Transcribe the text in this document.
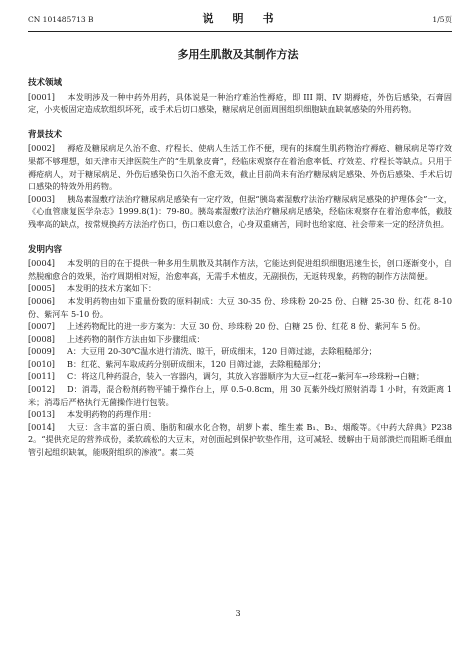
CN 101485713 B	说　明　书	1/5页
多用生肌散及其制作方法
技术领域

[0001]　 本发明涉及一种中药外用药，具体说是一种治疗难治性褥疮，即 III 期、IV 期褥疮，外伤后感染，石膏固定，小夹板固定造成软组织坏死，或手术后切口感染，糖尿病足创面周围组织细胞缺血缺氧感染的外用药物。

背景技术

[0002]　 褥疮及糖尿病足久治不愈、疗程长、使病人生活工作不便，现有的抹腐生肌药物治疗褥疮、糖尿病足等疗效果都不够理想，如天津市天津医院生产的“生肌象皮膏”，经临床观察存在着治愈率低、疗效差、疗程长等缺点。只用于褥疮病人，对于糖尿病足、外伤后感染伤口久治不愈无效，截止目前尚未有治疗糖尿病足感染、外伤后感染、手术后切口感染的特效外用药物。

[0003]　 胰岛素湿敷疗法治疗糖尿病足感染有一定疗效，但据“胰岛素湿敷疗法治疗糖尿病足感染的护理体会”一文，《心血管康复医学杂志》1999.8(1)：79-80。胰岛素湿敷疗法治疗糖尿病足感染，经临床观察存在着治愈率低，截肢残率高的缺点，按常规换药方法治疗伤口，伤口难以愈合，心身双重痛苦，同时也给家庭、社会带来一定的经济负担。

发明内容

[0004]　 本发明的目的在于提供一种多用生肌散及其制作方法，它能达到促进组织细胞迅速生长，创口逐渐变小，自然脱痂愈合的效果，治疗周期相对短，治愈率高，无需手术植皮，无副损伤，无返转现象，药物的制作方法简便。

[0005]　 本发明的技术方案如下：

[0006]　 本发明药物由如下重量份数的原料制成：大豆 30-35 份、珍珠粉 20-25 份、白糖 25-30 份、红花 8-10 份、紫河车 5-10 份。

[0007]　 上述药物配比的进一步方案为：大豆 30 份、珍珠粉 20 份、白糖 25 份、红花 8 份、紫河车 5 份。

[0008]　 上述药物的制作方法由如下步骤组成：

[0009]　 A：大豆用 20-30℃温水进行清洗、晾干，研成细末，120 目筛过滤，去除粗糙部分；

[0010]　 B：红花、紫河车取成药分别研成细末，120 目筛过滤，去除粗糙部分；

[0011]　 C：将这几种药混合，装入一容器内，调匀，其放入容器顺序为大豆→红花→紫河车→珍珠粉→白糖；

[0012]　 D：消毒，混合粉剂药物平铺于操作台上，厚 0.5-0.8cm，用 30 瓦紫外线灯照射消毒 1 小时，有效距离 1 米；消毒后严格执行无菌操作进行包装。

[0013]　 本发明药物的药理作用：

[0014]　 大豆：含丰富的蛋白质、脂肪和碳水化合物，胡萝卜素、维生素 B₁、B₂、烟酸等。《中药大辞典》P2382。“提供充足的营养成份，柔软疏松的大豆末，对创面起到保护软垫作用，这可减轻、缓解由于局部溃烂而阻断毛细血管引起组织缺氧，能吸附组织的渗液”。素二英

3
